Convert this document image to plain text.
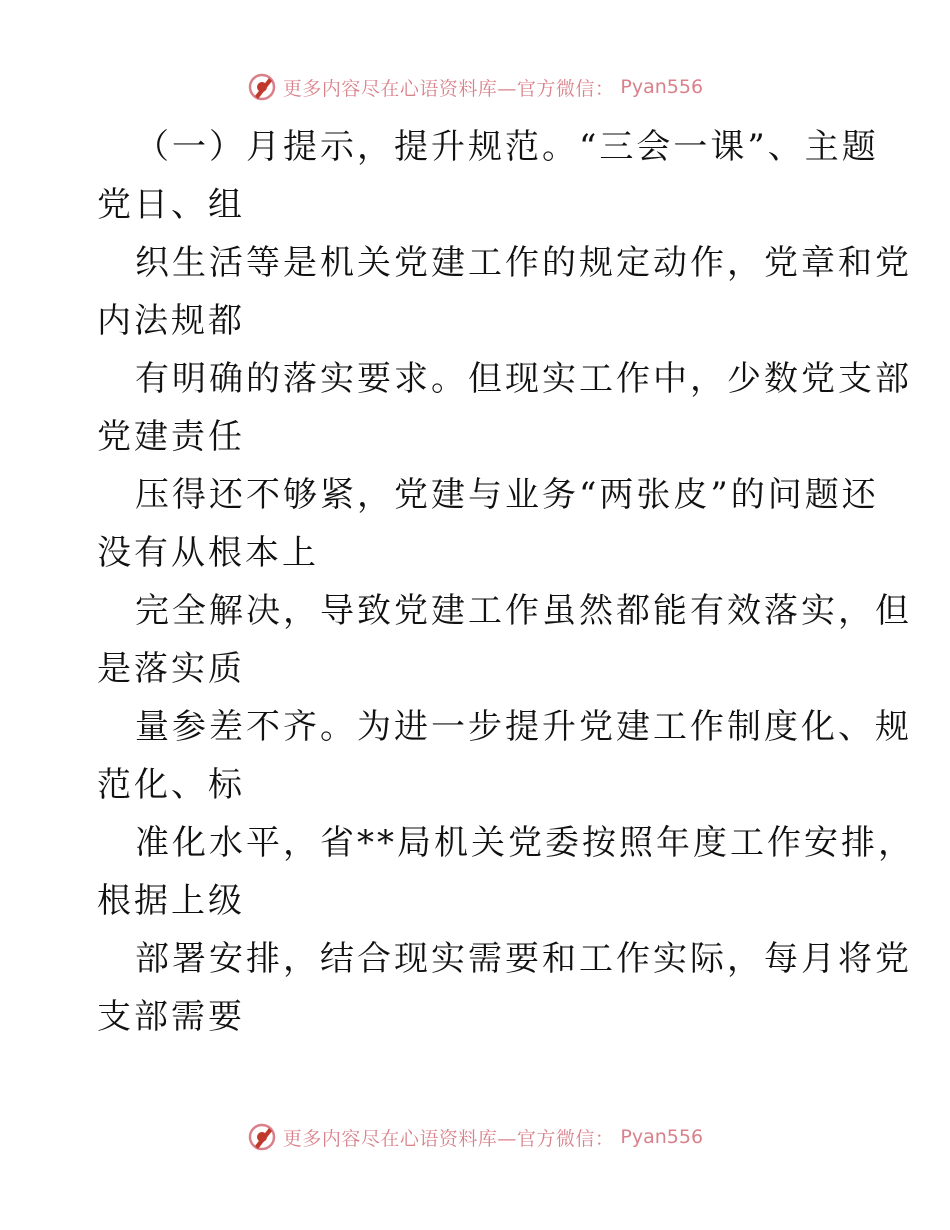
更多内容尽在心语资料库—官方微信： Pyan556
（一）月提示，提升规范。“三会一课”、主题
党日、组
织生活等是机关党建工作的规定动作，党章和党
内法规都
有明确的落实要求。但现实工作中，少数党支部
党建责任
压得还不够紧，党建与业务“两张皮”的问题还
没有从根本上
完全解决，导致党建工作虽然都能有效落实，但
是落实质
量参差不齐。为进一步提升党建工作制度化、规
范化、标
准化水平，省**局机关党委按照年度工作安排，
根据上级
部署安排，结合现实需要和工作实际，每月将党
支部需要
更多内容尽在心语资料库—官方微信： Pyan556
